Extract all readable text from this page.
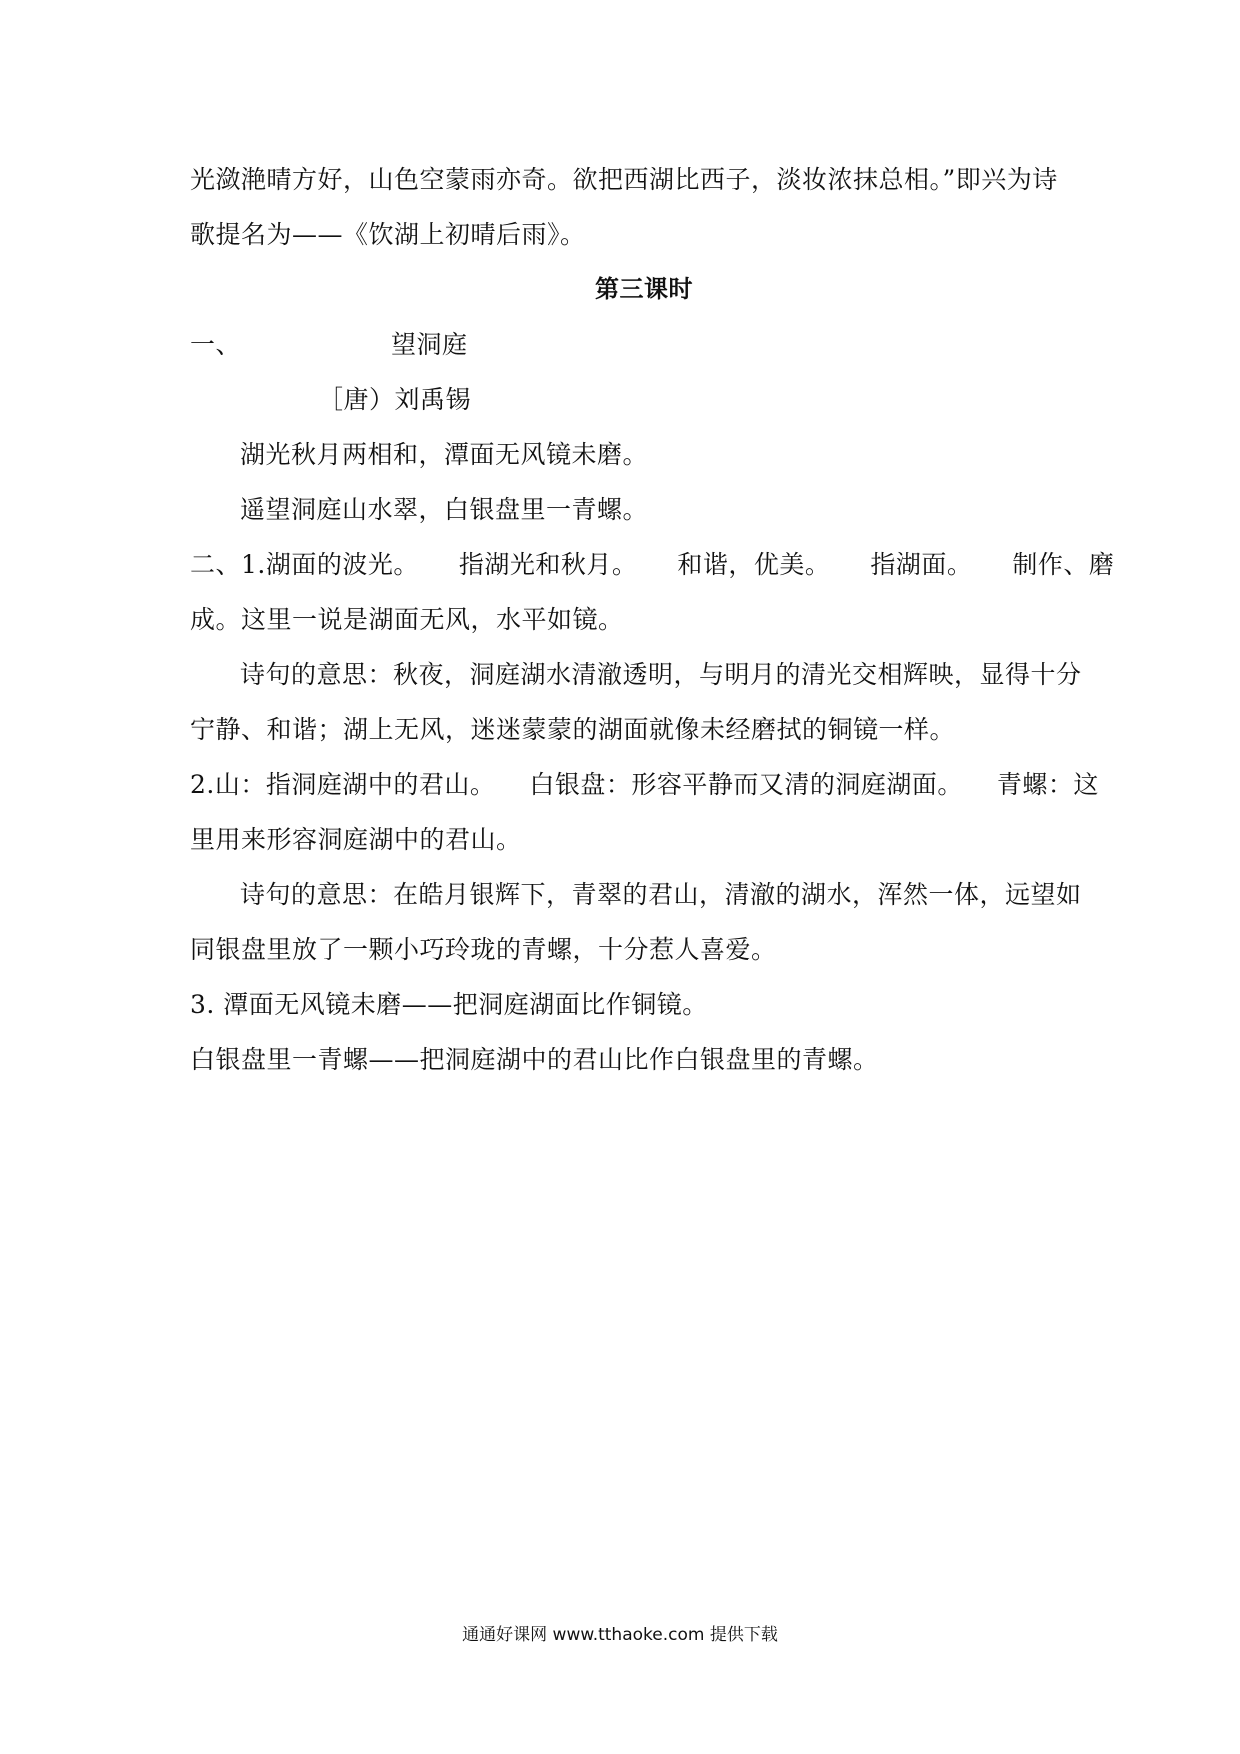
光潋滟晴方好，山色空蒙雨亦奇。欲把西湖比西子，淡妆浓抹总相。”即兴为诗
歌提名为——《饮湖上初晴后雨》。
第三课时
一、	望洞庭
［唐）刘禹锡
湖光秋月两相和，潭面无风镜未磨。
遥望洞庭山水翠，白银盘里一青螺。
二、1.湖面的波光。 指湖光和秋月。 和谐，优美。 指湖面。 制作、磨
成。这里一说是湖面无风，水平如镜。
诗句的意思：秋夜，洞庭湖水清澈透明，与明月的清光交相辉映，显得十分
宁静、和谐；湖上无风，迷迷蒙蒙的湖面就像未经磨拭的铜镜一样。
2.山：指洞庭湖中的君山。 白银盘：形容平静而又清的洞庭湖面。 青螺：这
里用来形容洞庭湖中的君山。
诗句的意思：在皓月银辉下，青翠的君山，清澈的湖水，浑然一体，远望如
同银盘里放了一颗小巧玲珑的青螺，十分惹人喜爱。
3. 潭面无风镜未磨——把洞庭湖面比作铜镜。
白银盘里一青螺——把洞庭湖中的君山比作白银盘里的青螺。
通通好课网 www.tthaoke.com 提供下载
